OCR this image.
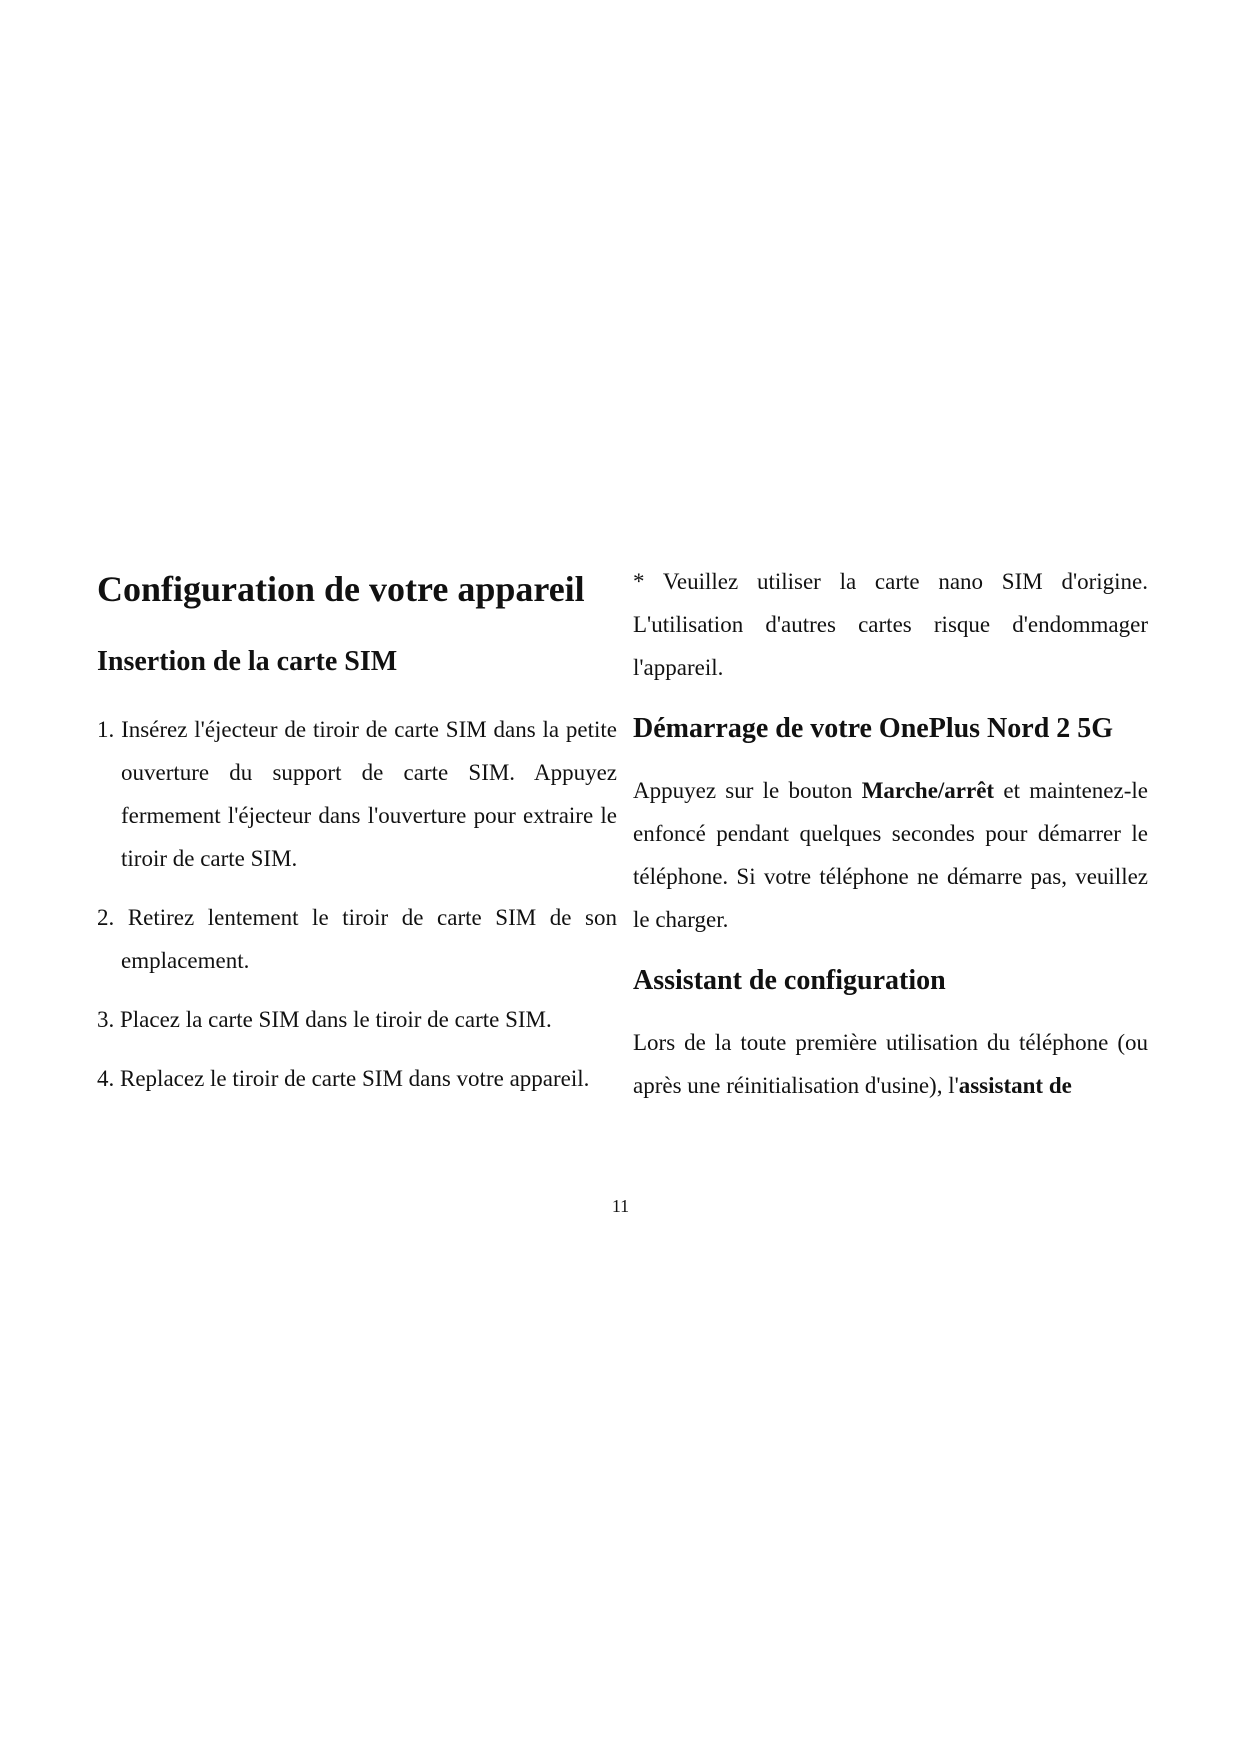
Configuration de votre appareil
Insertion de la carte SIM
1. Insérez l'éjecteur de tiroir de carte SIM dans la petite ouverture du support de carte SIM. Appuyez fermement l'éjecteur dans l'ouverture pour extraire le tiroir de carte SIM.
2. Retirez lentement le tiroir de carte SIM de son emplacement.
3. Placez la carte SIM dans le tiroir de carte SIM.
4. Replacez le tiroir de carte SIM dans votre appareil.

* Veuillez utiliser la carte nano SIM d'origine. L'utilisation d'autres cartes risque d'endommager l'appareil.

Démarrage de votre OnePlus Nord 2 5G

Appuyez sur le bouton Marche/arrêt et maintenez-le enfoncé pendant quelques secondes pour démarrer le téléphone. Si votre téléphone ne démarre pas, veuillez le charger.

Assistant de configuration

Lors de la toute première utilisation du téléphone (ou après une réinitialisation d'usine), l'assistant de

11
